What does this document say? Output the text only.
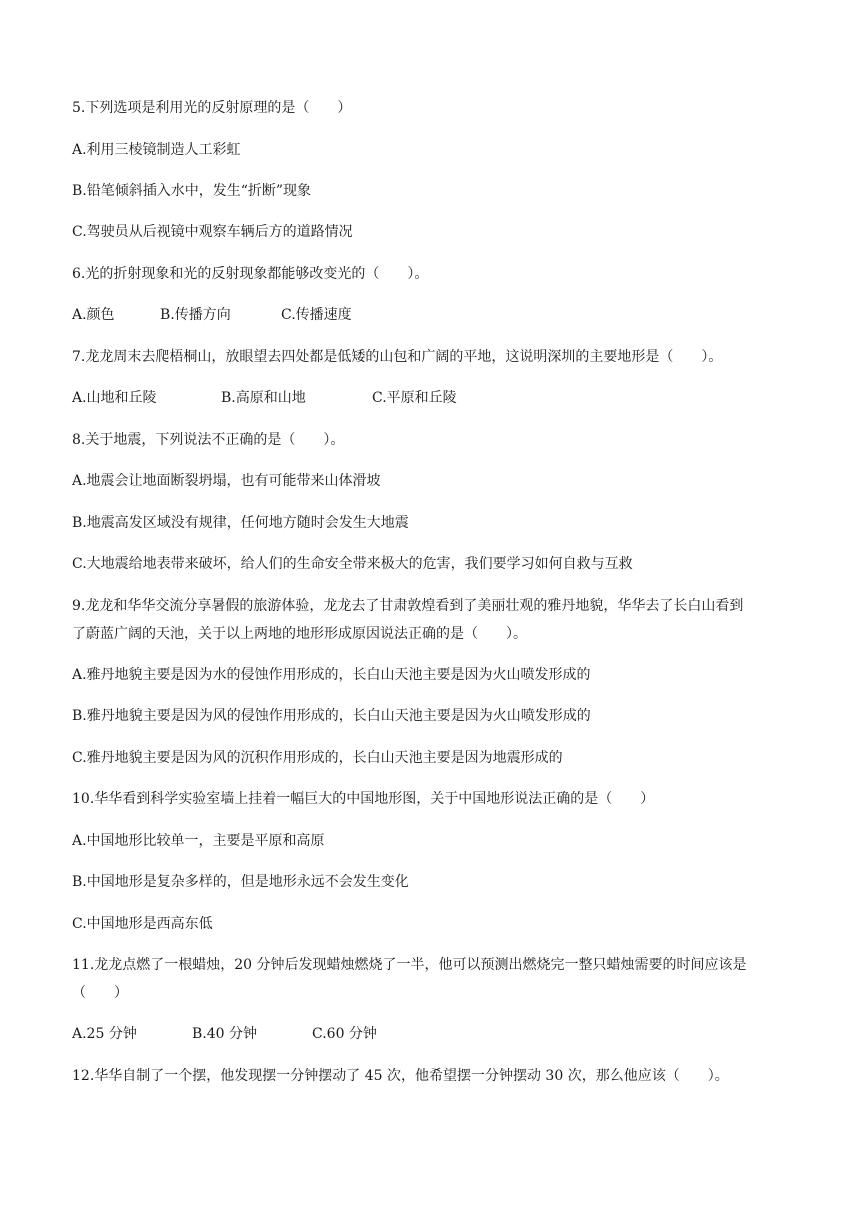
5.下列选项是利用光的反射原理的是（　　）
A.利用三棱镜制造人工彩虹
B.铅笔倾斜插入水中，发生“折断”现象
C.驾驶员从后视镜中观察车辆后方的道路情况
6.光的折射现象和光的反射现象都能够改变光的（　　）。
A.颜色	B.传播方向	C.传播速度
7.龙龙周末去爬梧桐山，放眼望去四处都是低矮的山包和广阔的平地，这说明深圳的主要地形是（　　）。
A.山地和丘陵	B.高原和山地	C.平原和丘陵
8.关于地震，下列说法不正确的是（　　）。
A.地震会让地面断裂坍塌，也有可能带来山体滑坡
B.地震高发区域没有规律，任何地方随时会发生大地震
C.大地震给地表带来破坏，给人们的生命安全带来极大的危害，我们要学习如何自救与互救
9.龙龙和华华交流分享暑假的旅游体验，龙龙去了甘肃敦煌看到了美丽壮观的雅丹地貌，华华去了长白山看到
了蔚蓝广阔的天池，关于以上两地的地形形成原因说法正确的是（　　）。
A.雅丹地貌主要是因为水的侵蚀作用形成的，长白山天池主要是因为火山喷发形成的
B.雅丹地貌主要是因为风的侵蚀作用形成的，长白山天池主要是因为火山喷发形成的
C.雅丹地貌主要是因为风的沉积作用形成的，长白山天池主要是因为地震形成的
10.华华看到科学实验室墙上挂着一幅巨大的中国地形图，关于中国地形说法正确的是（　　）
A.中国地形比较单一，主要是平原和高原
B.中国地形是复杂多样的，但是地形永远不会发生变化
C.中国地形是西高东低
11.龙龙点燃了一根蜡烛，20 分钟后发现蜡烛燃烧了一半，他可以预测出燃烧完一整只蜡烛需要的时间应该是
（　　）
A.25 分钟	B.40 分钟	C.60 分钟
12.华华自制了一个摆，他发现摆一分钟摆动了 45 次，他希望摆一分钟摆动 30 次，那么他应该（　　）。
